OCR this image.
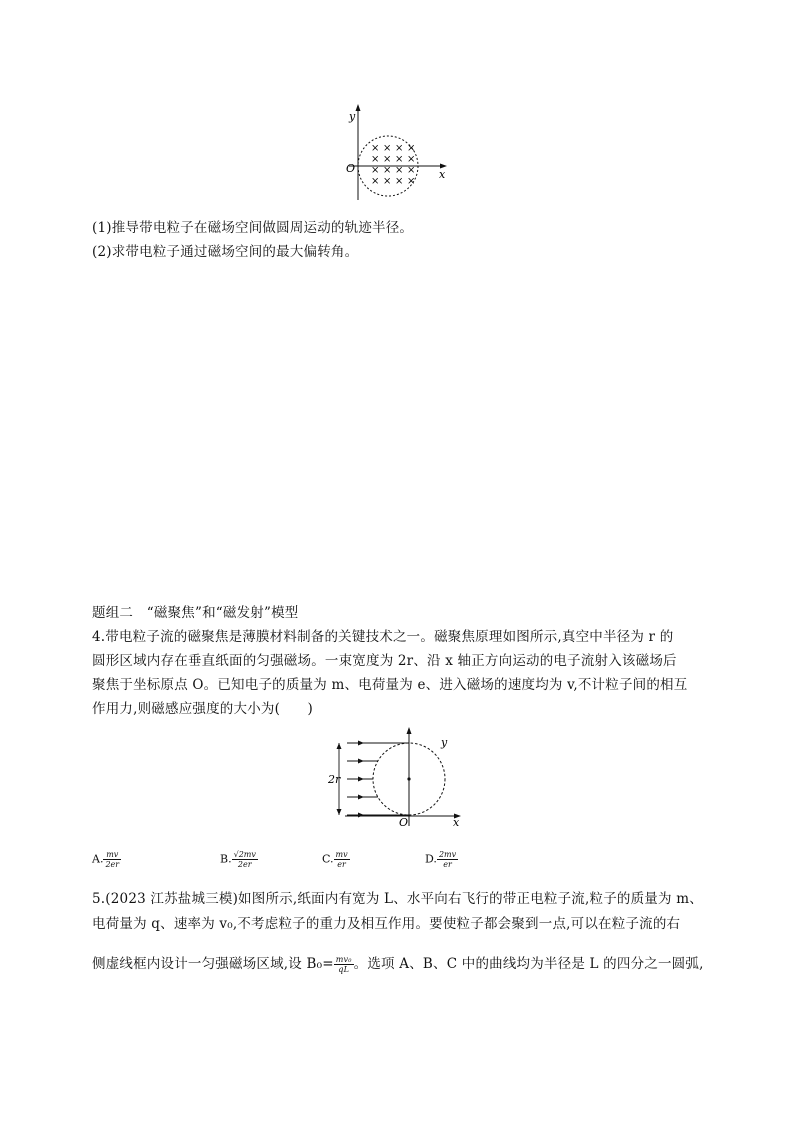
y
x
O
× × × ×
× × × ×
× × × ×
× × × ×
(1)推导带电粒子在磁场空间做圆周运动的轨迹半径。
(2)求带电粒子通过磁场空间的最大偏转角。
题组二　“磁聚焦”和“磁发射”模型
4.带电粒子流的磁聚焦是薄膜材料制备的关键技术之一。磁聚焦原理如图所示,真空中半径为 r 的
圆形区域内存在垂直纸面的匀强磁场。一束宽度为 2r、沿 x 轴正方向运动的电子流射入该磁场后
聚焦于坐标原点 O。已知电子的质量为 m、电荷量为 e、进入磁场的速度均为 v,不计粒子间的相互
作用力,则磁感应强度的大小为(　　)
y
x
O
2r
A. $\frac{mv}{2er}$	B. $\frac{√2mv}{2er}$	C. $\frac{mv}{er}$	D. $\frac{2mv}{er}$
5.(2023 江苏盐城三模)如图所示,纸面内有宽为 L、水平向右飞行的带正电粒子流,粒子的质量为 m、
电荷量为 q、速率为 v₀,不考虑粒子的重力及相互作用。要使粒子都会聚到一点,可以在粒子流的右
侧虚线框内设计一匀强磁场区域,设 $B_0= \frac{\text{mv₀}}{qL}$ 。选项 A、B、C 中的曲线均为半径是 L 的四分之一圆弧,
